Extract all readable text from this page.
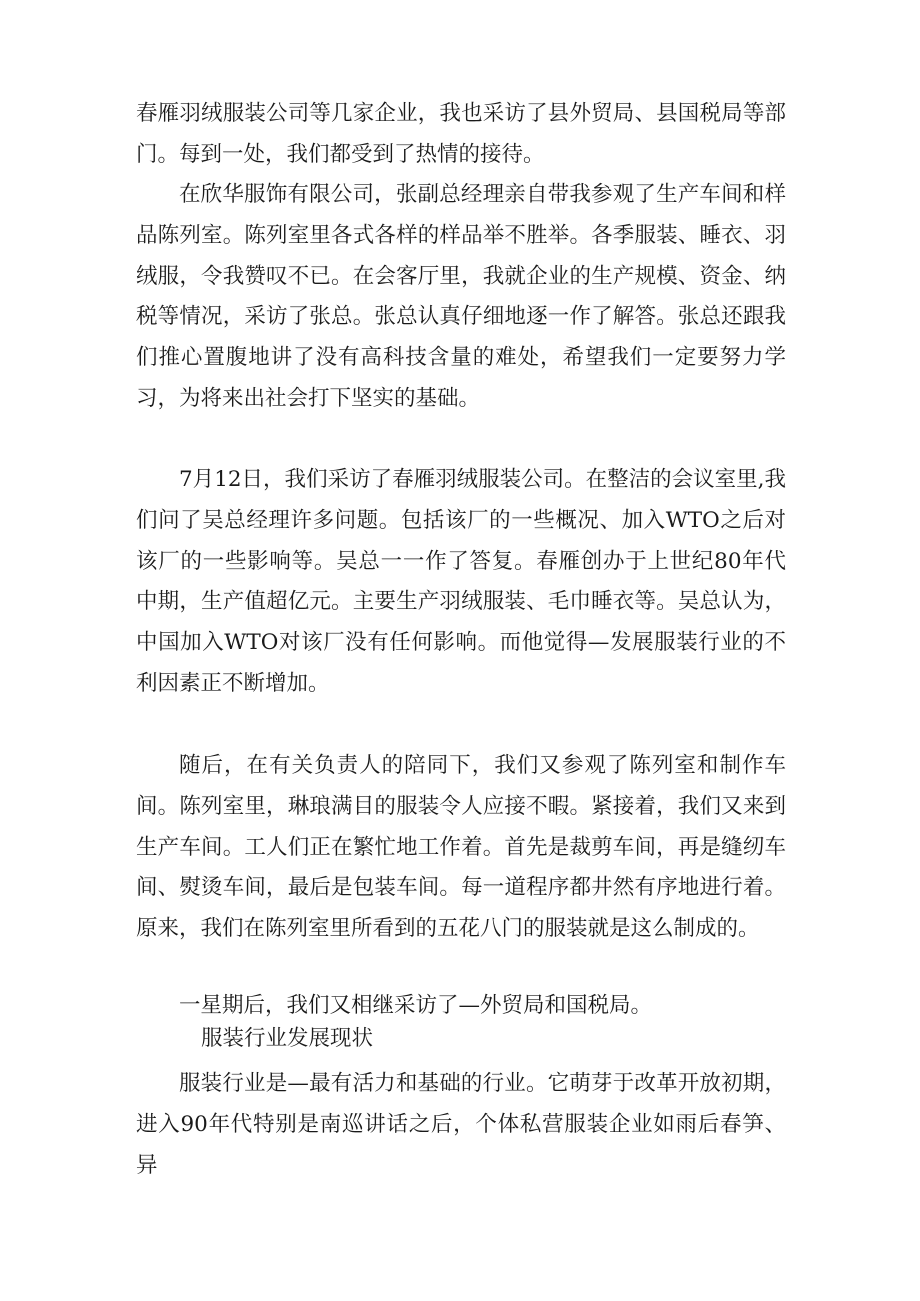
春雁羽绒服装公司等几家企业，我也采访了县外贸局、县国税局等部门。每到一处，我们都受到了热情的接待。

在欣华服饰有限公司，张副总经理亲自带我参观了生产车间和样品陈列室。陈列室里各式各样的样品举不胜举。各季服装、睡衣、羽绒服，令我赞叹不已。在会客厅里，我就企业的生产规模、资金、纳税等情况，采访了张总。张总认真仔细地逐一作了解答。张总还跟我们推心置腹地讲了没有高科技含量的难处，希望我们一定要努力学习，为将来出社会打下坚实的基础。

7月12日，我们采访了春雁羽绒服装公司。在整洁的会议室里,我们问了吴总经理许多问题。包括该厂的一些概况、加入WTO之后对该厂的一些影响等。吴总一一作了答复。春雁创办于上世纪80年代中期，生产值超亿元。主要生产羽绒服装、毛巾睡衣等。吴总认为，中国加入WTO对该厂没有任何影响。而他觉得—发展服装行业的不利因素正不断增加。

随后，在有关负责人的陪同下，我们又参观了陈列室和制作车间。陈列室里，琳琅满目的服装令人应接不暇。紧接着，我们又来到生产车间。工人们正在繁忙地工作着。首先是裁剪车间，再是缝纫车间、熨烫车间，最后是包装车间。每一道程序都井然有序地进行着。原来，我们在陈列室里所看到的五花八门的服装就是这么制成的。

一星期后，我们又相继采访了—外贸局和国税局。

服装行业发展现状

服装行业是—最有活力和基础的行业。它萌芽于改革开放初期，进入90年代特别是南巡讲话之后，个体私营服装企业如雨后春笋、异
